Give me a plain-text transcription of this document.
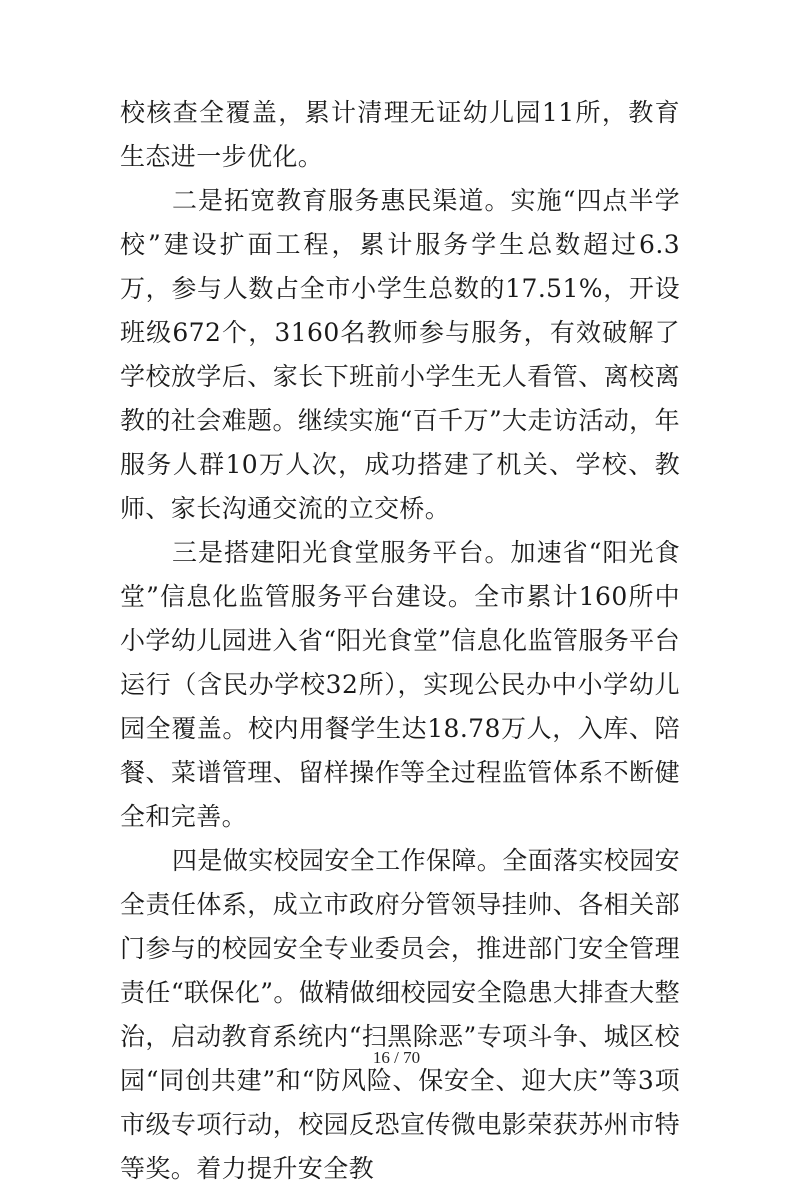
校核查全覆盖，累计清理无证幼儿园11所，教育生态进一步优化。

二是拓宽教育服务惠民渠道。实施“四点半学校”建设扩面工程，累计服务学生总数超过6.3万，参与人数占全市小学生总数的17.51%，开设班级672个，3160名教师参与服务，有效破解了学校放学后、家长下班前小学生无人看管、离校离教的社会难题。继续实施“百千万”大走访活动，年服务人群10万人次，成功搭建了机关、学校、教师、家长沟通交流的立交桥。

三是搭建阳光食堂服务平台。加速省“阳光食堂”信息化监管服务平台建设。全市累计160所中小学幼儿园进入省“阳光食堂”信息化监管服务平台运行（含民办学校32所），实现公民办中小学幼儿园全覆盖。校内用餐学生达18.78万人，入库、陪餐、菜谱管理、留样操作等全过程监管体系不断健全和完善。

四是做实校园安全工作保障。全面落实校园安全责任体系，成立市政府分管领导挂帅、各相关部门参与的校园安全专业委员会，推进部门安全管理责任“联保化”。做精做细校园安全隐患大排查大整治，启动教育系统内“扫黑除恶”专项斗争、城区校园“同创共建”和“防风险、保安全、迎大庆”等3项市级专项行动，校园反恐宣传微电影荣获苏州市特等奖。着力提升安全教

16 / 70
